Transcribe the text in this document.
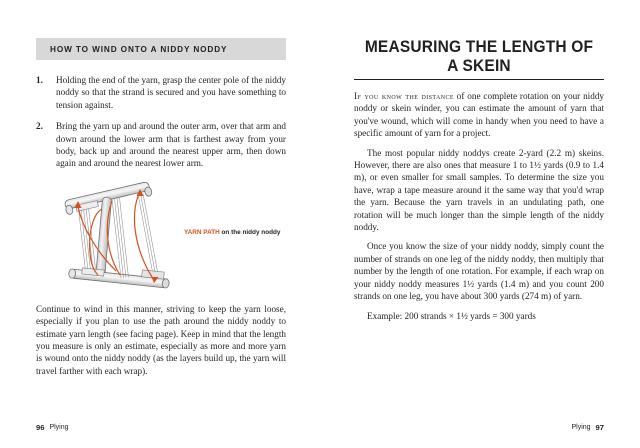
HOW TO WIND ONTO A NIDDY NODDY
1. Holding the end of the yarn, grasp the center pole of the niddy noddy so that the strand is secured and you have something to tension against.
2. Bring the yarn up and around the outer arm, over that arm and down around the lower arm that is farthest away from your body, back up and around the nearest upper arm, then down again and around the nearest lower arm.
YARN PATH on the niddy noddy

Continue to wind in this manner, striving to keep the yarn loose, especially if you plan to use the path around the niddy noddy to estimate yarn length (see facing page). Keep in mind that the length you measure is only an estimate, especially as more and more yarn is wound onto the niddy noddy (as the layers build up, the yarn will travel farther with each wrap).

96 Plying
MEASURING THE LENGTH OF A SKEIN

If you know the distance of one complete rotation on your niddy noddy or skein winder, you can estimate the amount of yarn that you've wound, which will come in handy when you need to have a specific amount of yarn for a project.

The most popular niddy noddys create 2-yard (2.2 m) skeins. However, there are also ones that measure 1 to 1½ yards (0.9 to 1.4 m), or even smaller for small samples. To determine the size you have, wrap a tape measure around it the same way that you'd wrap the yarn. Because the yarn travels in an undulating path, one rotation will be much longer than the simple length of the niddy noddy.

Once you know the size of your niddy noddy, simply count the number of strands on one leg of the niddy noddy, then multiply that number by the length of one rotation. For example, if each wrap on your niddy noddy measures 1½ yards (1.4 m) and you count 200 strands on one leg, you have about 300 yards (274 m) of yarn.

Example: 200 strands × 1½ yards = 300 yards

Plying 97
